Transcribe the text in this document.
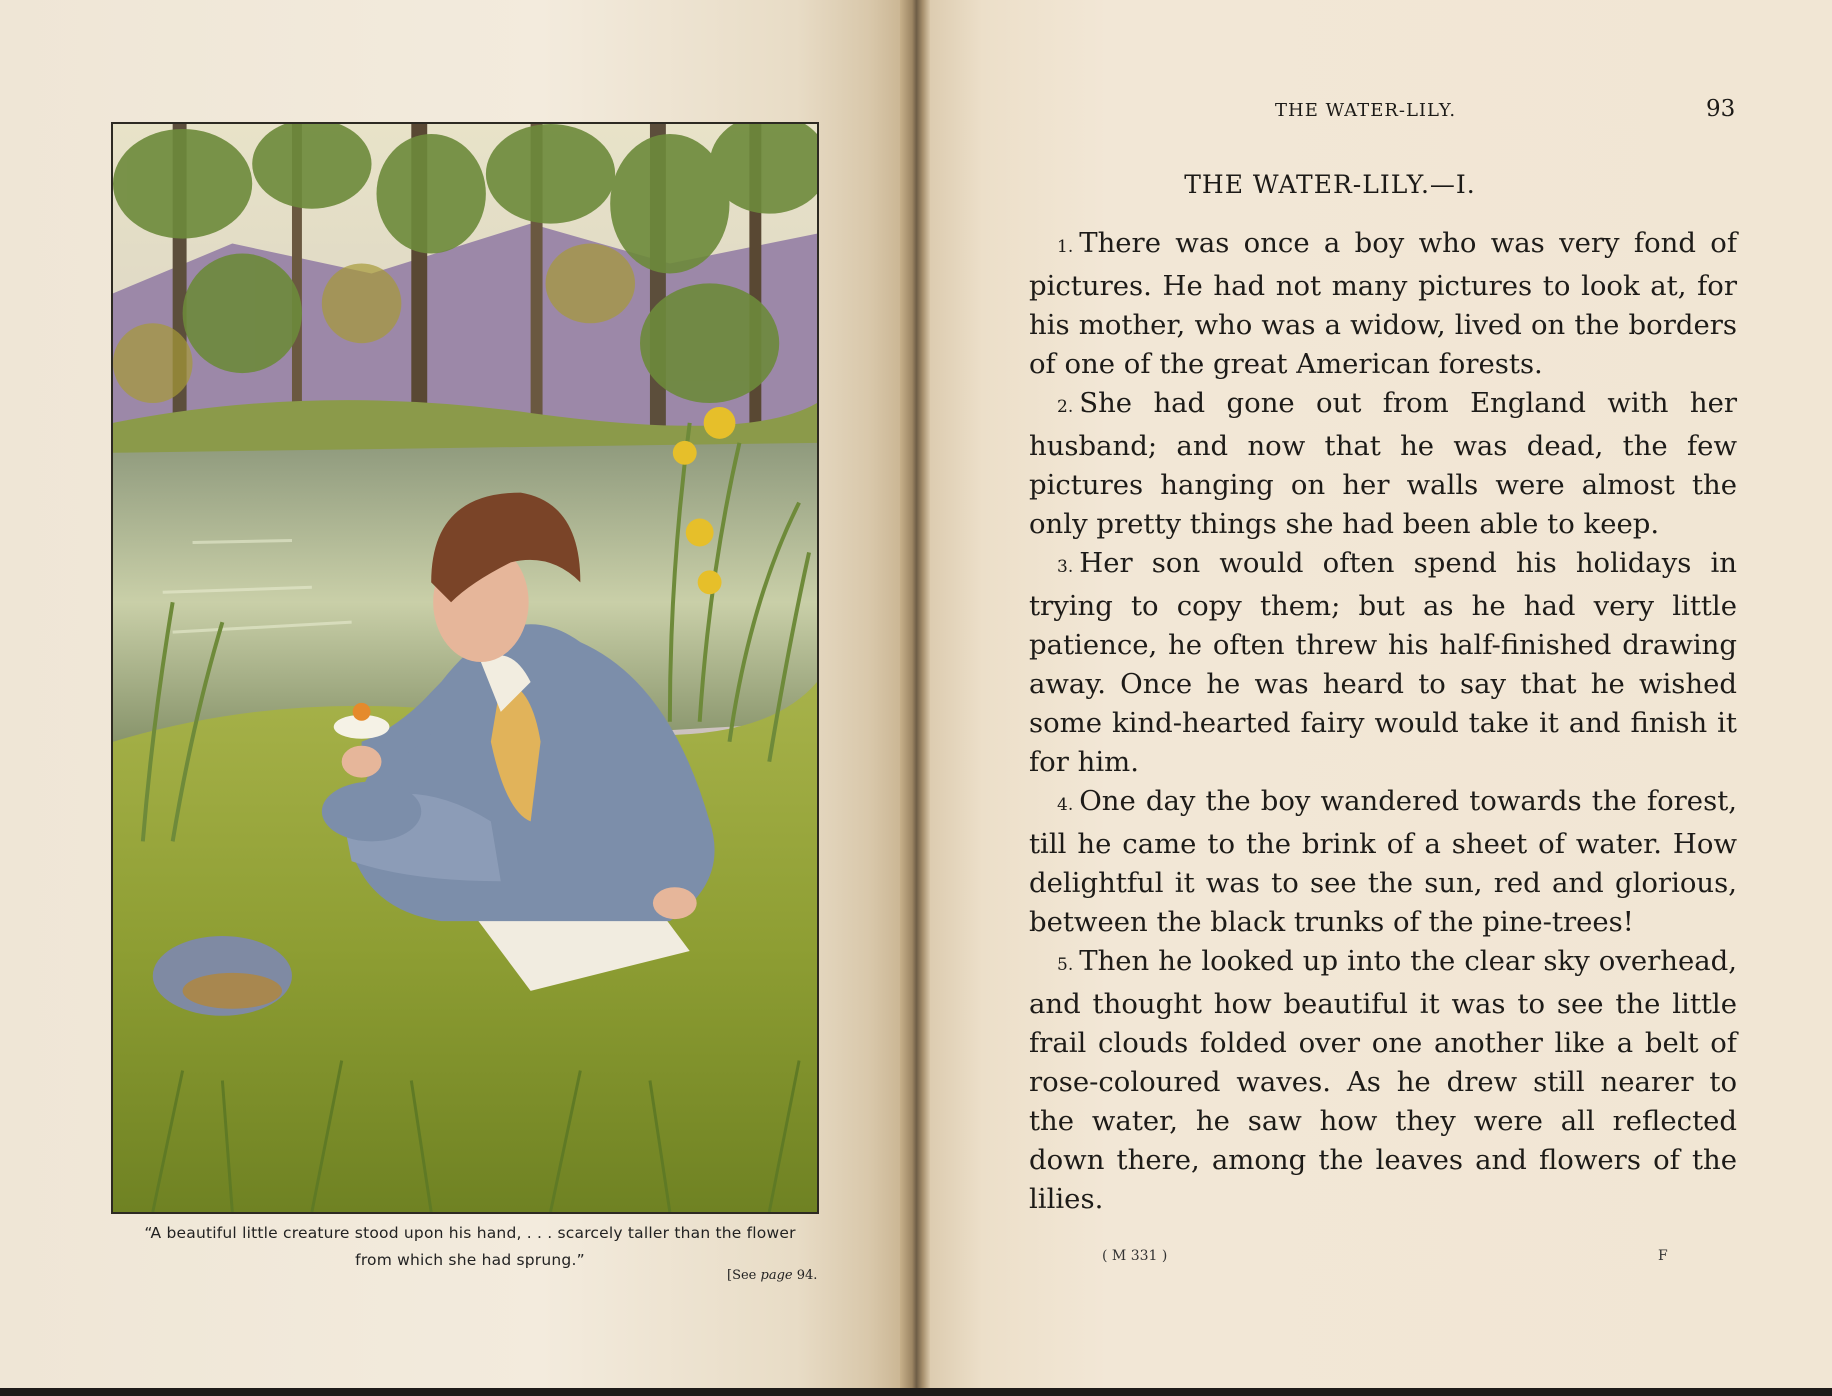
“A beautiful little creature stood upon his hand, . . . scarcely taller than the flower
from which she had sprung.”
[See page 94.
THE WATER-LILY.	93
THE WATER-LILY.—I.

1. There was once a boy who was very fond of pictures. He had not many pictures to look at, for his mother, who was a widow, lived on the borders of one of the great American forests.

2. She had gone out from England with her husband; and now that he was dead, the few pictures hanging on her walls were almost the only pretty things she had been able to keep.

3. Her son would often spend his holidays in trying to copy them; but as he had very little patience, he often threw his half-finished drawing away. Once he was heard to say that he wished some kind-hearted fairy would take it and finish it for him.

4. One day the boy wandered towards the forest, till he came to the brink of a sheet of water. How delightful it was to see the sun, red and glorious, between the black trunks of the pine-trees!

5. Then he looked up into the clear sky overhead, and thought how beautiful it was to see the little frail clouds folded over one another like a belt of rose-coloured waves. As he drew still nearer to the water, he saw how they were all reflected down there, among the leaves and flowers of the lilies.

( M 331 )	F
